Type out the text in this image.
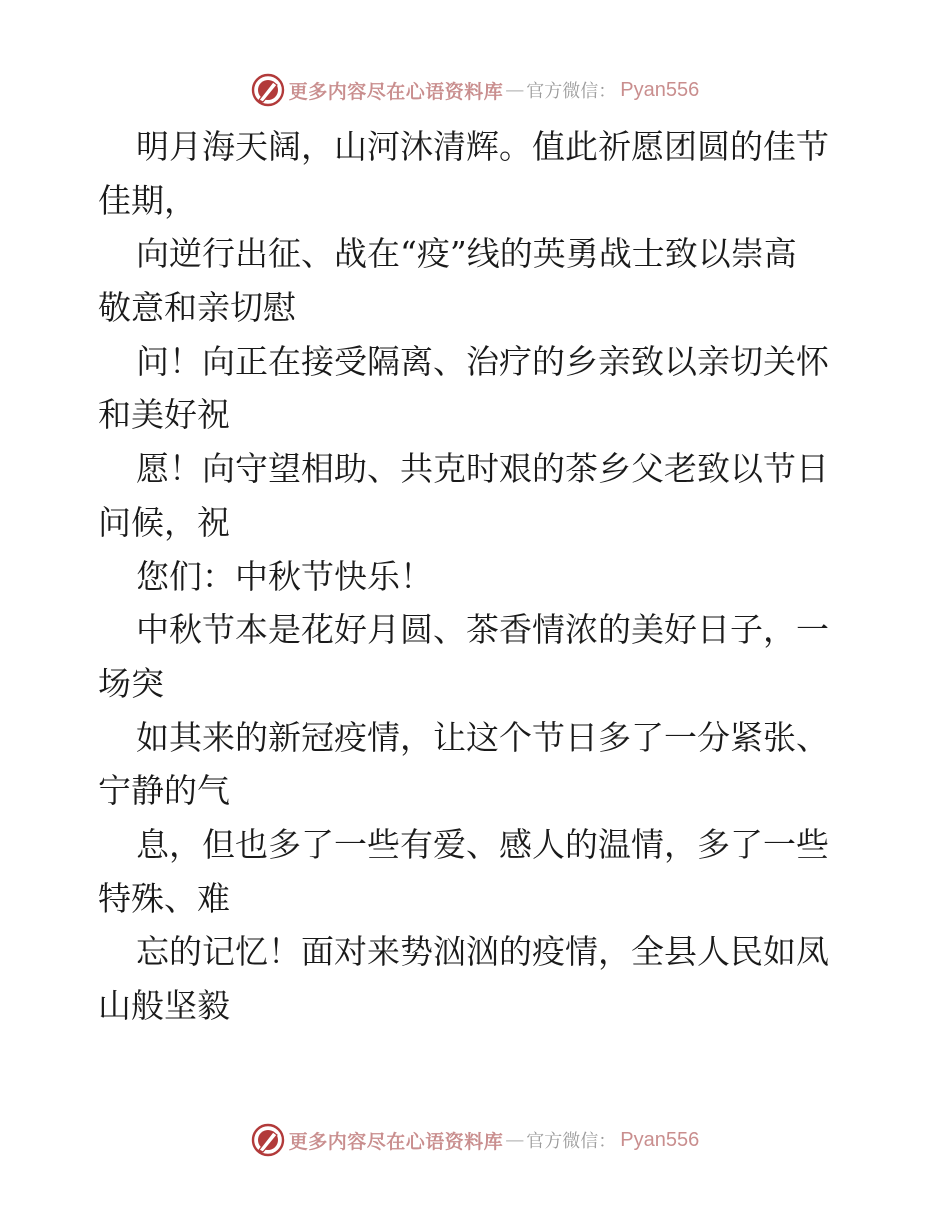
更多内容尽在心语资料库 — 官方微信： Pyan556
明月海天阔，山河沐清辉。值此祈愿团圆的佳节
佳期，
向逆行出征、战在“疫”线的英勇战士致以崇高
敬意和亲切慰
问！向正在接受隔离、治疗的乡亲致以亲切关怀
和美好祝
愿！向守望相助、共克时艰的茶乡父老致以节日
问候，祝
您们：中秋节快乐！
中秋节本是花好月圆、茶香情浓的美好日子，一
场突
如其来的新冠疫情，让这个节日多了一分紧张、
宁静的气
息，但也多了一些有爱、感人的温情，多了一些
特殊、难
忘的记忆！面对来势汹汹的疫情，全县人民如凤
山般坚毅
更多内容尽在心语资料库 — 官方微信： Pyan556
